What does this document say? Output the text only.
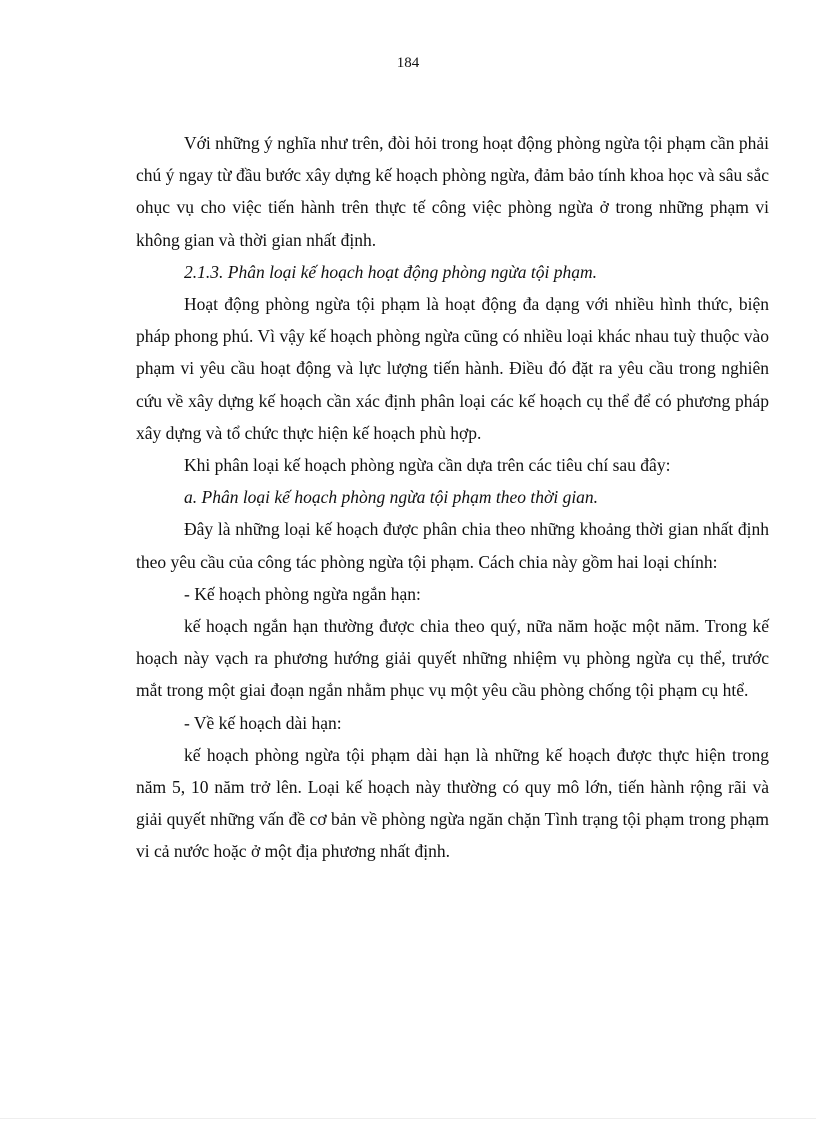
184

Với những ý nghĩa như trên, đòi hỏi trong hoạt động phòng ngừa tội phạm cần phải chú ý ngay từ đầu bước xây dựng kế hoạch phòng ngừa, đảm bảo tính khoa học và sâu sắc ohục vụ cho việc tiến hành trên thực tế công việc phòng ngừa ở trong những phạm vi không gian và thời gian nhất định.

2.1.3. Phân loại kế hoạch hoạt động phòng ngừa tội phạm.

Hoạt động phòng ngừa tội phạm là hoạt động đa dạng với nhiều hình thức, biện pháp phong phú. Vì vậy kế hoạch phòng ngừa cũng có nhiều loại khác nhau tuỳ thuộc vào phạm vi yêu cầu hoạt động và lực lượng tiến hành. Điều đó đặt ra yêu cầu trong nghiên cứu về xây dựng kế hoạch cần xác định phân loại các kế hoạch cụ thể để có phương pháp xây dựng và tổ chức thực hiện kế hoạch phù hợp.

Khi phân loại kế hoạch phòng ngừa cần dựa trên các tiêu chí sau đây:

a. Phân loại kế hoạch phòng ngừa tội phạm theo thời gian.

Đây là những loại kế hoạch được phân chia theo những khoảng thời gian nhất định theo yêu cầu của công tác phòng ngừa tội phạm. Cách chia này gồm hai loại chính:

- Kế hoạch phòng ngừa ngắn hạn:

kế hoạch ngắn hạn thường được chia theo quý, nữa năm hoặc một năm. Trong kế hoạch này vạch ra phương hướng giải quyết những nhiệm vụ phòng ngừa cụ thể, trước mắt trong một giai đoạn ngắn nhằm phục vụ một yêu cầu phòng chống tội phạm cụ htể.

- Về kế hoạch dài hạn:

kế hoạch phòng ngừa tội phạm dài hạn là những kế hoạch được thực hiện trong năm 5, 10 năm trở lên. Loại kế hoạch này thường có quy mô lớn, tiến hành rộng rãi và giải quyết những vấn đề cơ bản về phòng ngừa ngăn chặn Tình trạng tội phạm trong phạm vi cả nước hoặc ở một địa phương nhất định.
